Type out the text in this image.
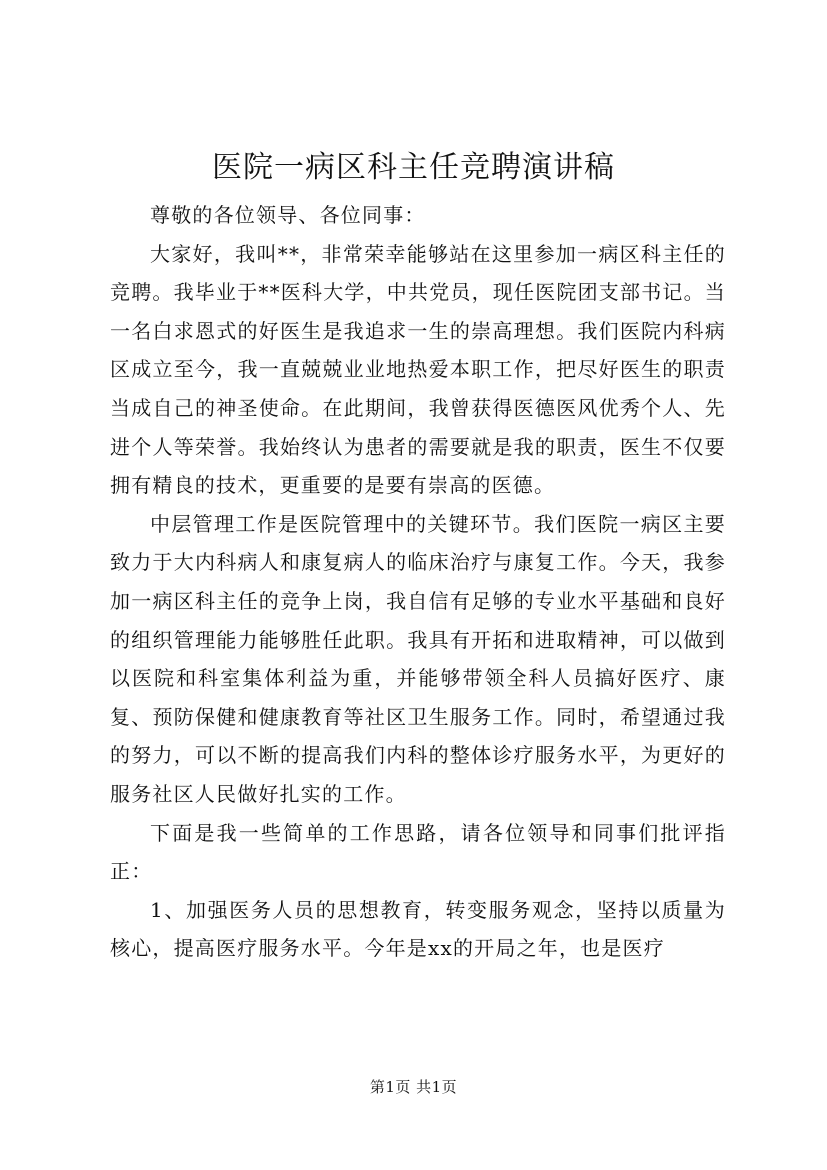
医院一病区科主任竞聘演讲稿

尊敬的各位领导、各位同事：

大家好，我叫**，非常荣幸能够站在这里参加一病区科主任的竞聘。我毕业于**医科大学，中共党员，现任医院团支部书记。当一名白求恩式的好医生是我追求一生的崇高理想。我们医院内科病区成立至今，我一直兢兢业业地热爱本职工作，把尽好医生的职责当成自己的神圣使命。在此期间，我曾获得医德医风优秀个人、先进个人等荣誉。我始终认为患者的需要就是我的职责，医生不仅要拥有精良的技术，更重要的是要有崇高的医德。

中层管理工作是医院管理中的关键环节。我们医院一病区主要致力于大内科病人和康复病人的临床治疗与康复工作。今天，我参加一病区科主任的竞争上岗，我自信有足够的专业水平基础和良好的组织管理能力能够胜任此职。我具有开拓和进取精神，可以做到以医院和科室集体利益为重，并能够带领全科人员搞好医疗、康复、预防保健和健康教育等社区卫生服务工作。同时，希望通过我的努力，可以不断的提高我们内科的整体诊疗服务水平，为更好的服务社区人民做好扎实的工作。

下面是我一些简单的工作思路，请各位领导和同事们批评指正：

1、加强医务人员的思想教育，转变服务观念，坚持以质量为核心，提高医疗服务水平。今年是xx的开局之年，也是医疗

第1页 共1页
